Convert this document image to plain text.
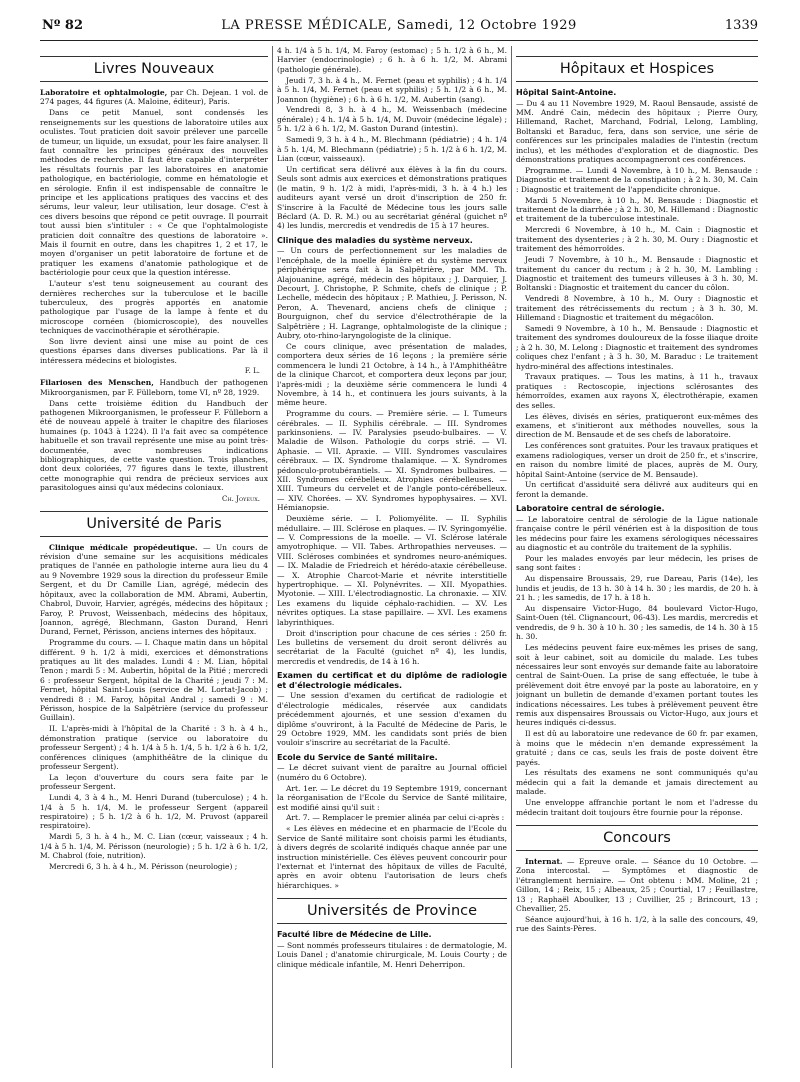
Nº 82	LA PRESSE MÉDICALE, Samedi, 12 Octobre 1929	1339
Livres Nouveaux

Laboratoire et ophtalmologie, par Ch. Dejean. 1 vol. de 274 pages, 44 figures (A. Maloine, éditeur), Paris.

Dans ce petit Manuel, sont condensés les renseignements sur les questions de laboratoire utiles aux oculistes. Tout praticien doit savoir prélever une parcelle de tumeur, un liquide, un exsudat, pour les faire analyser. Il faut connaître les principes généraux des nouvelles méthodes de recherche. Il faut être capable d'interpréter les résultats fournis par les laboratoires en anatomie pathologique, en bactériologie, comme en hématologie et en sérologie. Enfin il est indispensable de connaître le principe et les applications pratiques des vaccins et des sérums, leur valeur, leur utilisation, leur dosage. C'est à ces divers besoins que répond ce petit ouvrage. Il pourrait tout aussi bien s'intituler : « Ce que l'ophtalmologiste praticien doit connaître des questions de laboratoire ». Mais il fournit en outre, dans les chapitres 1, 2 et 17, le moyen d'organiser un petit laboratoire de fortune et de pratiquer les examens d'anatomie pathologique et de bactériologie pour ceux que la question intéresse.

L'auteur s'est tenu soigneusement au courant des dernières recherches sur la tuberculose et le bacille tuberculeux, des progrès apportés en anatomie pathologique par l'usage de la lampe à fente et du microscope cornéen (biomicroscopie), des nouvelles techniques de vaccinothérapie et sérothérapie.

Son livre devient ainsi une mise au point de ces questions éparses dans diverses publications. Par là il intéressera médecins et biologistes.

F. L.

Filariosen des Menschen, Handbuch der pathogenen Mikroorganismen, par F. Fülleborn, tome VI, nº 28, 1929.

Dans cette troisième édition du Handbuch der pathogenen Mikroorganismen, le professeur F. Fülleborn a été de nouveau appelé à traiter le chapitre des filarioses humaines (p. 1043 à 1224). Il l'a fait avec sa compétence habituelle et son travail représente une mise au point très-documentée, avec nombreuses indications bibliographiques, de cette vaste question. Trois planches, dont deux coloriées, 77 figures dans le texte, illustrent cette monographie qui rendra de précieux services aux parasitologues ainsi qu'aux médecins coloniaux.

Ch. Joyeux.
Université de Paris

Clinique médicale propédeutique. — Un cours de révision d'une semaine sur les acquisitions médicales pratiques de l'année en pathologie interne aura lieu du 4 au 9 Novembre 1929 sous la direction du professeur Emile Sergent, et du Dr Camille Lian, agrégé, médecin des hôpitaux, avec la collaboration de MM. Abrami, Aubertin, Chabrol, Duvoir, Harvier, agrégés, médecins des hôpitaux ; Faroy, P. Pruvost, Weissenbach, médecins des hôpitaux, Joannon, agrégé, Blechmann, Gaston Durand, Henri Durand, Fernet, Périsson, anciens internes des hôpitaux.

Programme du cours. — I. Chaque matin dans un hôpital différent. 9 h. 1/2 à midi, exercices et démonstrations pratiques au lit des malades. Lundi 4 : M. Lian, hôpital Tenon ; mardi 5 : M. Aubertin, hôpital de la Pitié ; mercredi 6 : professeur Sergent, hôpital de la Charité ; jeudi 7 : M. Fernet, hôpital Saint-Louis (service de M. Lortat-Jacob) ; vendredi 8 : M. Faroy, hôpital Andral ; samedi 9 : M. Périsson, hospice de la Salpêtrière (service du professeur Guillain).

II. L'après-midi à l'hôpital de la Charité : 3 h. à 4 h., démonstration pratique (service ou laboratoire du professeur Sergent) ; 4 h. 1/4 à 5 h. 1/4, 5 h. 1/2 à 6 h. 1/2, conférences cliniques (amphithéâtre de la clinique du professeur Sergent).

La leçon d'ouverture du cours sera faite par le professeur Sergent.

Lundi 4, 3 à 4 h., M. Henri Durand (tuberculose) ; 4 h. 1/4 à 5 h. 1/4, M. le professeur Sergent (appareil respiratoire) ; 5 h. 1/2 à 6 h. 1/2, M. Pruvost (appareil respiratoire).

Mardi 5, 3 h. à 4 h., M. C. Lian (cœur, vaisseaux ; 4 h. 1/4 à 5 h. 1/4, M. Périsson (neurologie) ; 5 h. 1/2 à 6 h. 1/2, M. Chabrol (foie, nutrition).

Mercredi 6, 3 h. à 4 h., M. Périsson (neurologie) ;

4 h. 1/4 à 5 h. 1/4, M. Faroy (estomac) ; 5 h. 1/2 à 6 h., M. Harvier (endocrinologie) ; 6 h. à 6 h. 1/2, M. Abrami (pathologie générale).

Jeudi 7, 3 h. à 4 h., M. Fernet (peau et syphilis) ; 4 h. 1/4 à 5 h. 1/4, M. Fernet (peau et syphilis) ; 5 h. 1/2 à 6 h., M. Joannon (hygiène) ; 6 h. à 6 h. 1/2, M. Aubertin (sang).

Vendredi 8, 3 h. à 4 h., M. Weissenbach (médecine générale) ; 4 h. 1/4 à 5 h. 1/4, M. Duvoir (médecine légale) ; 5 h. 1/2 à 6 h. 1/2, M. Gaston Durand (intestin).

Samedi 9, 3 h. à 4 h., M. Blechmann (pédiatrie) ; 4 h. 1/4 à 5 h. 1/4, M. Blechmann (pédiatrie) ; 5 h. 1/2 à 6 h. 1/2, M. Lian (cœur, vaisseaux).

Un certificat sera délivré aux élèves à la fin du cours. Seuls sont admis aux exercices et démonstrations pratiques (le matin, 9 h. 1/2 à midi, l'après-midi, 3 h. à 4 h.) les auditeurs ayant versé un droit d'inscription de 250 fr. S'inscrire à la Faculté de Médecine tous les jours salle Béclard (A. D. R. M.) ou au secrétariat général (guichet nº 4) les lundis, mercredis et vendredis de 15 à 17 heures.

Clinique des maladies du système nerveux.

— Un cours de perfectionnement sur les maladies de l'encéphale, de la moelle épinière et du système nerveux périphérique sera fait à la Salpêtrière, par MM. Th. Alajouanine, agrégé, médecin des hôpitaux ; J. Darquier, J. Decourt, J. Christophe, P. Schmite, chefs de clinique ; P. Lechelle, médecin des hôpitaux ; P. Mathieu, J. Perisson, N. Peron, A. Thevenard, anciens chefs de clinique ; Bourguignon, chef du service d'électrothérapie de la Salpêtrière ; H. Lagrange, ophtalmologiste de la clinique ; Aubry, oto-rhino-laryngologiste de la clinique.

Ce cours clinique, avec présentation de malades, comportera deux séries de 16 leçons ; la première série commencera le lundi 21 Octobre, à 14 h., à l'Amphithéâtre de la clinique Charcot, et comportera deux leçons par jour, l'après-midi ; la deuxième série commencera le lundi 4 Novembre, à 14 h., et continuera les jours suivants, à la même heure.

Programme du cours. — Première série. — I. Tumeurs cérébrales. — II. Syphilis cérébrale. — III. Syndromes parkinsoniens. — IV. Paralysies pseudo-bulbaires. — V. Maladie de Wilson. Pathologie du corps strié. — VI. Aphasie. — VII. Apraxie. — VIII. Syndromes vasculaires cérébraux. — IX. Syndrome thalamique. — X. Syndromes pédonculo-protubérantiels. — XI. Syndromes bulbaires. — XII. Syndromes cérébelleux. Atrophies cérébelleuses. — XIII. Tumeurs du cervelet et de l'angle ponto-cérébelleux. — XIV. Chorées. — XV. Syndromes hypophysaires. — XVI. Hémianopsie.

Deuxième série. — I. Poliomyélite. — II. Syphilis médullaire. — III. Sclérose en plaques. — IV. Syringomyélie. — V. Compressions de la moelle. — VI. Sclérose latérale amyotrophique. — VII. Tabes. Arthropathies nerveuses. — VIII. Scléroses combinées et syndromes neuro-anémiques. — IX. Maladie de Friedreich et hérédo-ataxie cérébelleuse. — X. Atrophie Charcot-Marie et névrite interstitielle hypertrophique. — XI. Polynévrites. — XII. Myopathies. Myotonie. — XIII. L'électrodiagnostic. La chronaxie. — XIV. Les examens du liquide céphalo-rachidien. — XV. Les névrites optiques. La stase papillaire. — XVI. Les examens labyrinthiques.

Droit d'inscription pour chacune de ces séries : 250 fr. Les bulletins de versement du droit seront délivrés au secrétariat de la Faculté (guichet nº 4), les lundis, mercredis et vendredis, de 14 à 16 h.

Examen du certificat et du diplôme de radiologie et d'électrologie médicales.

— Une session d'examen du certificat de radiologie et d'électrologie médicales, réservée aux candidats précédemment ajournés, et une session d'examen du diplôme s'ouvriront, à la Faculté de Médecine de Paris, le 29 Octobre 1929, MM. les candidats sont priés de bien vouloir s'inscrire au secrétariat de la Faculté.

Ecole du Service de Santé militaire.

— Le décret suivant vient de paraître au Journal officiel (numéro du 6 Octobre).

Art. 1er. — Le décret du 19 Septembre 1919, concernant la réorganisation de l'Ecole du Service de Santé militaire, est modifié ainsi qu'il suit :

Art. 7. — Remplacer le premier alinéa par celui ci-après :

« Les élèves en médecine et en pharmacie de l'Ecole du Service de Santé militaire sont choisis parmi les étudiants, à divers degrés de scolarité indiqués chaque année par une instruction ministérielle. Ces élèves peuvent concourir pour l'externat et l'internat des hôpitaux de villes de Faculté, après en avoir obtenu l'autorisation de leurs chefs hiérarchiques. »

Universités de Province

Faculté libre de Médecine de Lille.

— Sont nommés professeurs titulaires : de dermatologie, M. Louis Danel ; d'anatomie chirurgicale, M. Louis Courty ; de clinique médicale infantile, M. Henri Deherripon.

Hôpitaux et Hospices

Hôpital Saint-Antoine.

— Du 4 au 11 Novembre 1929, M. Raoul Bensaude, assisté de MM. André Cain, médecin des hôpitaux ; Pierre Oury, Hillemand, Rachet, Marchand, Fodrial, Lelong, Lambling, Boltanski et Baraduc, fera, dans son service, une série de conférences sur les principales maladies de l'intestin (rectum inclus), et les méthodes d'exploration et de diagnostic. Des démonstrations pratiques accompagneront ces conférences.

Programme. — Lundi 4 Novembre, à 10 h., M. Bensaude : Diagnostic et traitement de la constipation ; à 2 h. 30, M. Cain : Diagnostic et traitement de l'appendicite chronique.

Mardi 5 Novembre, à 10 h., M. Bensaude : Diagnostic et traitement de la diarrhée ; à 2 h. 30, M. Hillemand : Diagnostic et traitement de la tuberculose intestinale.

Mercredi 6 Novembre, à 10 h., M. Cain : Diagnostic et traitement des dysenteries ; à 2 h. 30, M. Oury : Diagnostic et traitement des hémorroïdes.

Jeudi 7 Novembre, à 10 h., M. Bensaude : Diagnostic et traitement du cancer du rectum ; à 2 h. 30, M. Lambling : Diagnostic et traitement des tumeurs villeuses à 3 h. 30, M. Boltanski : Diagnostic et traitement du cancer du côlon.

Vendredi 8 Novembre, à 10 h., M. Oury : Diagnostic et traitement des rétrécissements du rectum ; à 3 h. 30, M. Hillemand : Diagnostic et traitement du mégacôlon.

Samedi 9 Novembre, à 10 h., M. Bensaude : Diagnostic et traitement des syndromes douloureux de la fosse iliaque droite ; à 2 h. 30, M. Lelong : Diagnostic et traitement des syndromes coliques chez l'enfant ; à 3 h. 30, M. Baraduc : Le traitement hydro-minéral des affections intestinales.

Travaux pratiques. — Tous les matins, à 11 h., travaux pratiques : Rectoscopie, injections sclérosantes des hémorroïdes, examen aux rayons X, électrothérapie, examen des selles.

Les élèves, divisés en séries, pratiqueront eux-mêmes des examens, et s'initieront aux méthodes nouvelles, sous la direction de M. Bensaude et de ses chefs de laboratoire.

Les conférences sont gratuites. Pour les travaux pratiques et examens radiologiques, verser un droit de 250 fr., et s'inscrire, en raison du nombre limité de places, auprès de M. Oury, hôpital Saint-Antoine (service de M. Bensaude).

Un certificat d'assiduité sera délivré aux auditeurs qui en feront la demande.

Laboratoire central de sérologie.

— Le laboratoire central de sérologie de la Ligue nationale française contre le péril vénérien est à la disposition de tous les médecins pour faire les examens sérologiques nécessaires au diagnostic et au contrôle du traitement de la syphilis.

Pour les malades envoyés par leur médecin, les prises de sang sont faites :

Au dispensaire Broussais, 29, rue Dareau, Paris (14e), les lundis et jeudis, de 13 h. 30 à 14 h. 30 ; les mardis, de 20 h. à 21 h. ; les samedis, de 17 h. à 18 h.

Au dispensaire Victor-Hugo, 84 boulevard Victor-Hugo, Saint-Ouen (tél. Clignancourt, 06-43). Les mardis, mercredis et vendredis, de 9 h. 30 à 10 h. 30 ; les samedis, de 14 h. 30 à 15 h. 30.

Les médecins peuvent faire eux-mêmes les prises de sang, soit à leur cabinet, soit au domicile du malade. Les tubes nécessaires leur sont envoyés sur demande faite au laboratoire central de Saint-Ouen. La prise de sang effectuée, le tube à prélèvement doit être envoyé par la poste au laboratoire, en y joignant un bulletin de demande d'examen portant toutes les indications nécessaires. Les tubes à prélèvement peuvent être remis aux dispensaires Broussais ou Victor-Hugo, aux jours et heures indiqués ci-dessus.

Il est dû au laboratoire une redevance de 60 fr. par examen, à moins que le médecin n'en demande expressément la gratuité ; dans ce cas, seuls les frais de poste doivent être payés.

Les résultats des examens ne sont communiqués qu'au médecin qui a fait la demande et jamais directement au malade.

Une enveloppe affranchie portant le nom et l'adresse du médecin traitant doit toujours être fournie pour la réponse.

Concours

Internat. — Epreuve orale. — Séance du 10 Octobre. — Zona intercostal. — Symptômes et diagnostic de l'étranglement herniaire. — Ont obtenu : MM. Moline, 21 ; Gillon, 14 ; Reix, 15 ; Albeaux, 25 ; Courtial, 17 ; Feuillastre, 13 ; Raphaël Aboulker, 13 ; Cuvillier, 25 ; Brincourt, 13 ; Chevallier, 25.

Séance aujourd'hui, à 16 h. 1/2, à la salle des concours, 49, rue des Saints-Pères.
